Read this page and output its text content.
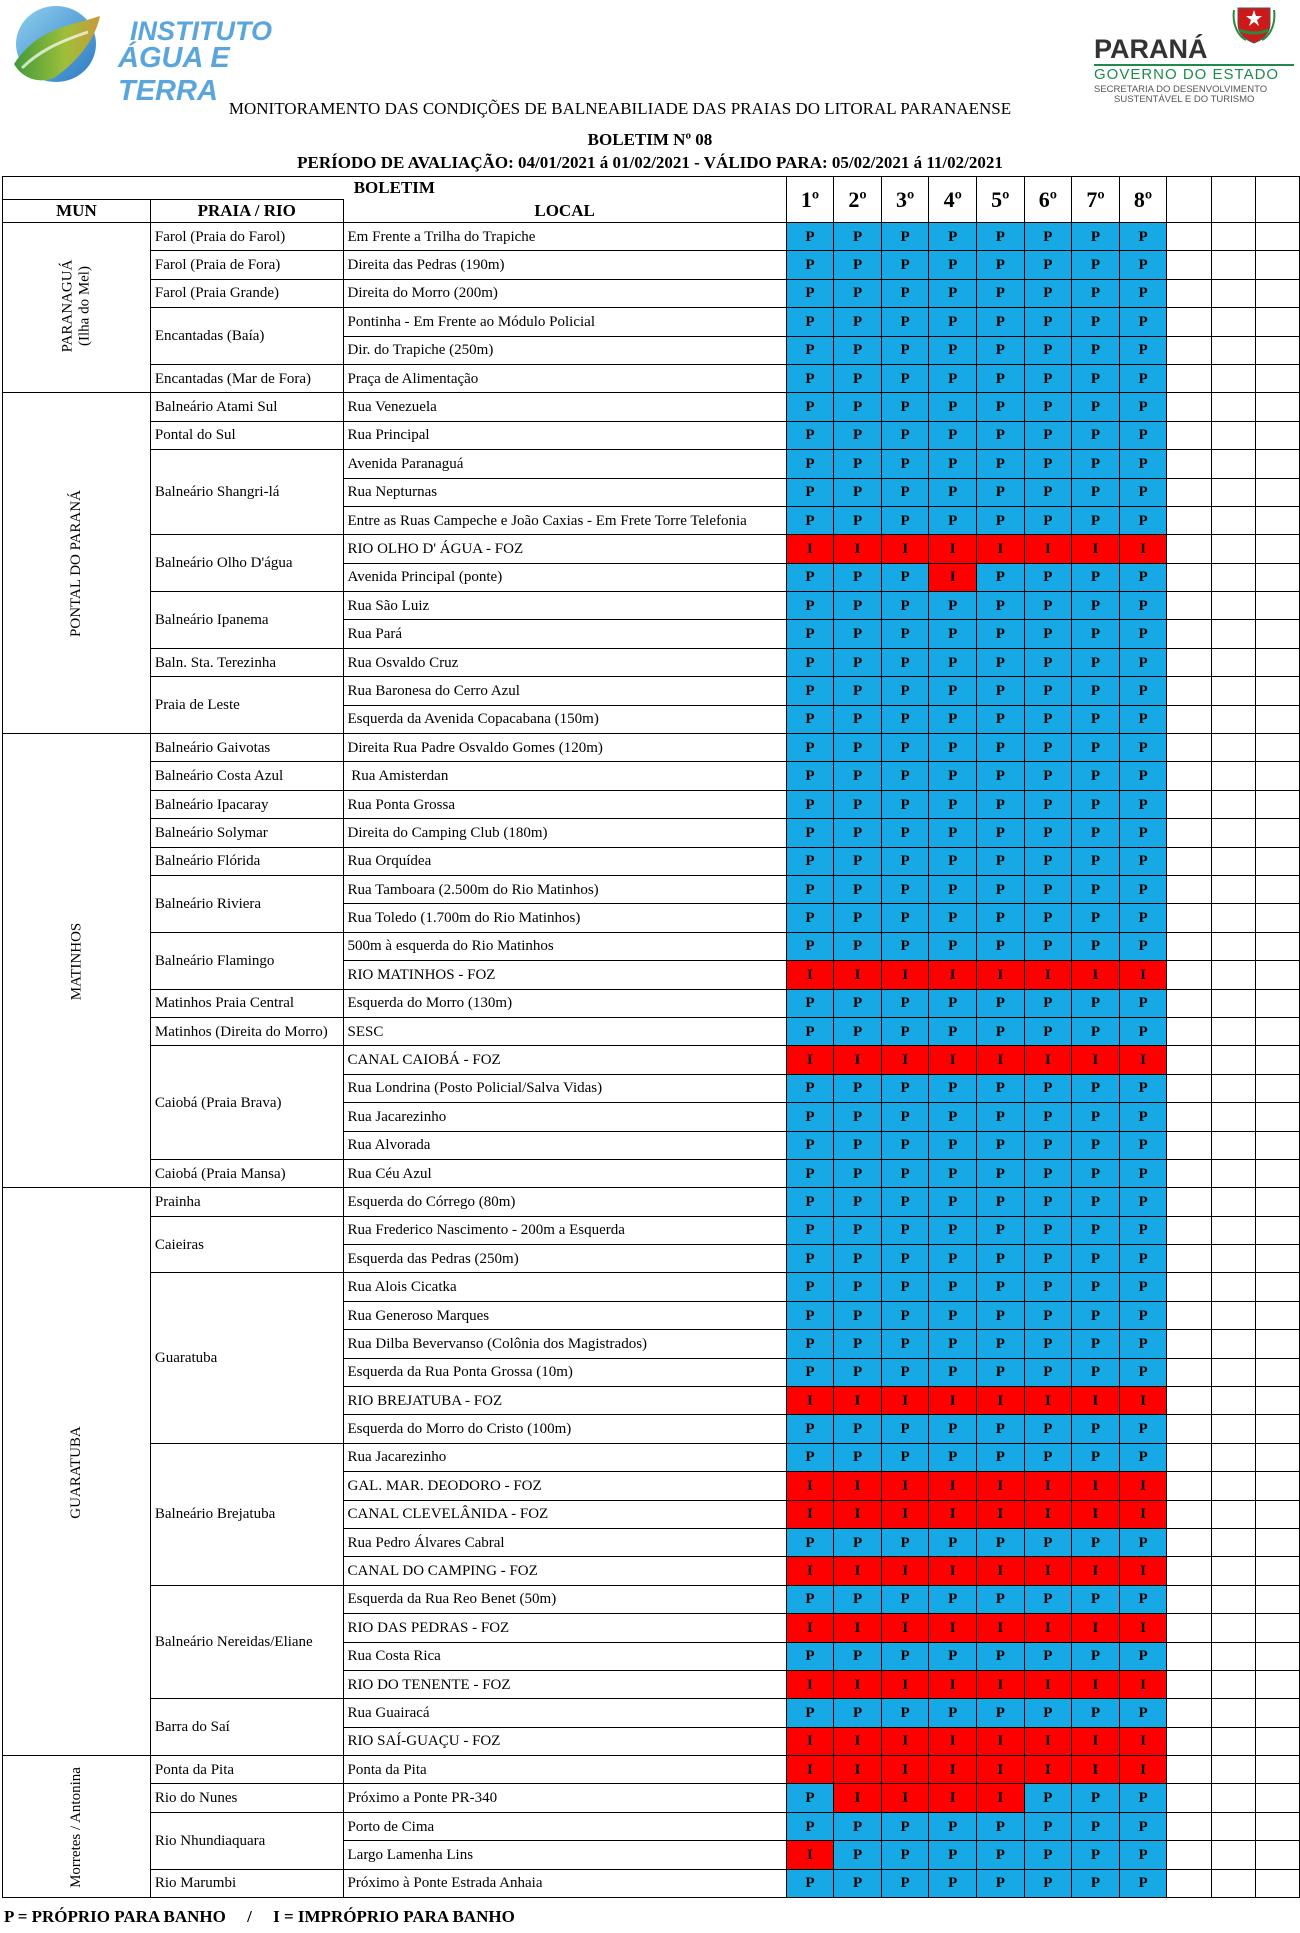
INSTITUTO
ÁGUA E TERRA
PARANÁ
GOVERNO DO ESTADO
SECRETARIA DO DESENVOLVIMENTO
SUSTENTÁVEL E DO TURISMO
MONITORAMENTO DAS CONDIÇÕES DE BALNEABILIADE DAS PRAIAS DO LITORAL PARANAENSE
BOLETIM Nº 08
PERÍODO DE AVALIAÇÃO: 04/01/2021 á 01/02/2021 - VÁLIDO PARA: 05/02/2021 á 11/02/2021
BOLETIM			1º	2º	3º	4º	5º	6º	7º	8º			
MUN	PRAIA / RIO	LOCAL											
PARANAGUÁ
(Ilha do Mel)	Farol (Praia do Farol)	Em Frente a Trilha do Trapiche	P	P	P	P	P	P	P	P			
	Farol (Praia de Fora)	Direita das Pedras (190m)	P	P	P	P	P	P	P	P			
	Farol (Praia Grande)	Direita do Morro (200m)	P	P	P	P	P	P	P	P			
	Encantadas (Baía)	Pontinha - Em Frente ao Módulo Policial	P	P	P	P	P	P	P	P			
		Dir. do Trapiche (250m)	P	P	P	P	P	P	P	P			
	Encantadas (Mar de Fora)	Praça de Alimentação	P	P	P	P	P	P	P	P			
PONTAL DO PARANÁ	Balneário Atami Sul	Rua Venezuela	P	P	P	P	P	P	P	P			
	Pontal do Sul	Rua Principal	P	P	P	P	P	P	P	P			
	Balneário Shangri-lá	Avenida Paranaguá	P	P	P	P	P	P	P	P			
		Rua Nepturnas	P	P	P	P	P	P	P	P			
		Entre as Ruas Campeche e João Caxias - Em Frete Torre Telefonia	P	P	P	P	P	P	P	P			
	Balneário Olho D'água	RIO OLHO D' ÁGUA - FOZ	I	I	I	I	I	I	I	I			
		Avenida Principal (ponte)	P	P	P	I	P	P	P	P			
	Balneário Ipanema	Rua São Luiz	P	P	P	P	P	P	P	P			
		Rua Pará	P	P	P	P	P	P	P	P			
	Baln. Sta. Terezinha	Rua Osvaldo Cruz	P	P	P	P	P	P	P	P			
	Praia de Leste	Rua Baronesa do Cerro Azul	P	P	P	P	P	P	P	P			
		Esquerda da Avenida Copacabana (150m)	P	P	P	P	P	P	P	P			
MATINHOS	Balneário Gaivotas	Direita Rua Padre Osvaldo Gomes (120m)	P	P	P	P	P	P	P	P			
	Balneário Costa Azul	Rua Amisterdan	P	P	P	P	P	P	P	P			
	Balneário Ipacaray	Rua Ponta Grossa	P	P	P	P	P	P	P	P			
	Balneário Solymar	Direita do Camping Club (180m)	P	P	P	P	P	P	P	P			
	Balneário Flórida	Rua Orquídea	P	P	P	P	P	P	P	P			
	Balneário Riviera	Rua Tamboara (2.500m do Rio Matinhos)	P	P	P	P	P	P	P	P			
		Rua Toledo (1.700m do Rio Matinhos)	P	P	P	P	P	P	P	P			
	Balneário Flamingo	500m à esquerda do Rio Matinhos	P	P	P	P	P	P	P	P			
		RIO MATINHOS - FOZ	I	I	I	I	I	I	I	I			
	Matinhos Praia Central	Esquerda do Morro (130m)	P	P	P	P	P	P	P	P			
	Matinhos (Direita do Morro)	SESC	P	P	P	P	P	P	P	P			
	Caiobá (Praia Brava)	CANAL CAIOBÁ - FOZ	I	I	I	I	I	I	I	I			
		Rua Londrina (Posto Policial/Salva Vidas)	P	P	P	P	P	P	P	P			
		Rua Jacarezinho	P	P	P	P	P	P	P	P			
		Rua Alvorada	P	P	P	P	P	P	P	P			
	Caiobá (Praia Mansa)	Rua Céu Azul	P	P	P	P	P	P	P	P			
GUARATUBA	Prainha	Esquerda do Córrego (80m)	P	P	P	P	P	P	P	P			
	Caieiras	Rua Frederico Nascimento - 200m a Esquerda	P	P	P	P	P	P	P	P			
		Esquerda das Pedras (250m)	P	P	P	P	P	P	P	P			
	Guaratuba	Rua Alois Cicatka	P	P	P	P	P	P	P	P			
		Rua Generoso Marques	P	P	P	P	P	P	P	P			
		Rua Dilba Bevervanso (Colônia dos Magistrados)	P	P	P	P	P	P	P	P			
		Esquerda da Rua Ponta Grossa (10m)	P	P	P	P	P	P	P	P			
		RIO BREJATUBA - FOZ	I	I	I	I	I	I	I	I			
		Esquerda do Morro do Cristo (100m)	P	P	P	P	P	P	P	P			
	Balneário Brejatuba	Rua Jacarezinho	P	P	P	P	P	P	P	P			
		GAL. MAR. DEODORO - FOZ	I	I	I	I	I	I	I	I			
		CANAL CLEVELÂNIDA - FOZ	I	I	I	I	I	I	I	I			
		Rua Pedro Álvares Cabral	P	P	P	P	P	P	P	P			
		CANAL DO CAMPING - FOZ	I	I	I	I	I	I	I	I			
	Balneário Nereidas/Eliane	Esquerda da Rua Reo Benet (50m)	P	P	P	P	P	P	P	P			
		RIO DAS PEDRAS - FOZ	I	I	I	I	I	I	I	I			
		Rua Costa Rica	P	P	P	P	P	P	P	P			
		RIO DO TENENTE - FOZ	I	I	I	I	I	I	I	I			
	Barra do Saí	Rua Guairacá	P	P	P	P	P	P	P	P			
		RIO SAÍ-GUAÇU - FOZ	I	I	I	I	I	I	I	I			
Morretes / Antonina	Ponta da Pita	Ponta da Pita	I	I	I	I	I	I	I	I			
	Rio do Nunes	Próximo a Ponte PR-340	P	I	I	I	I	P	P	P			
	Rio Nhundiaquara	Porto de Cima	P	P	P	P	P	P	P	P			
		Largo Lamenha Lins	I	P	P	P	P	P	P	P			
	Rio Marumbi	Próximo à Ponte Estrada Anhaia	P	P	P	P	P	P	P	P			
P = PRÓPRIO PARA BANHO     /     I = IMPRÓPRIO PARA BANHO
